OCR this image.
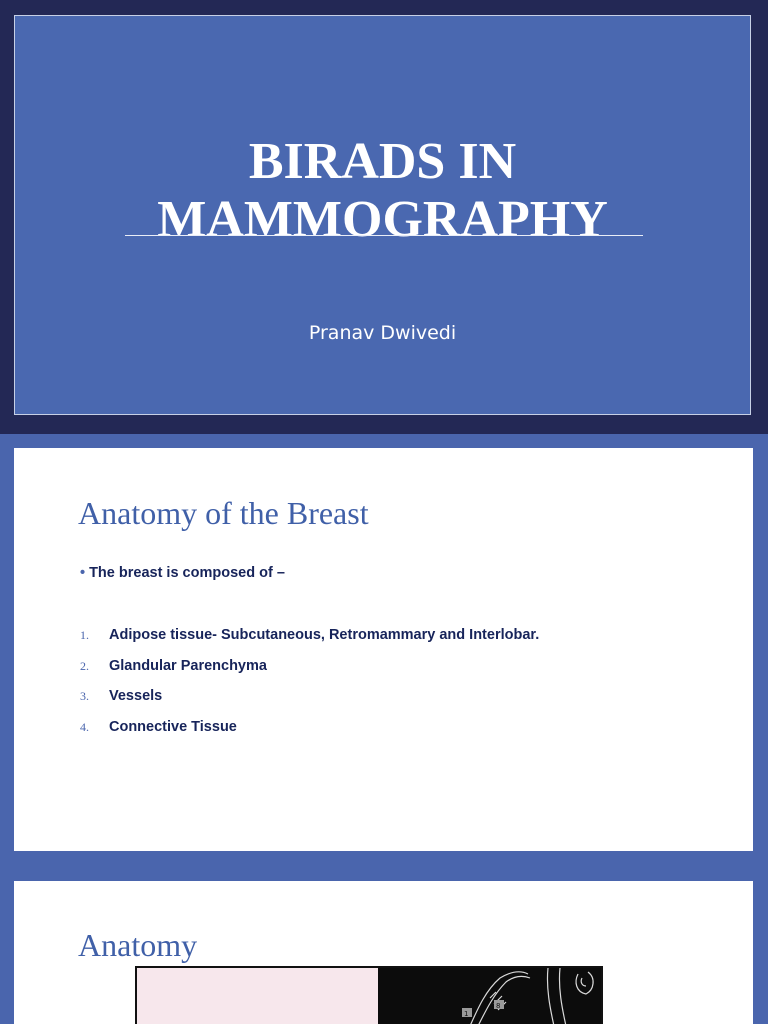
BIRADS IN
MAMMOGRAPHY
Pranav Dwivedi
Anatomy of the Breast
• The breast is composed of –
1. Adipose tissue- Subcutaneous, Retromammary and Interlobar.
2. Glandular Parenchyma
3. Vessels
4. Connective Tissue
Anatomy
1
8
